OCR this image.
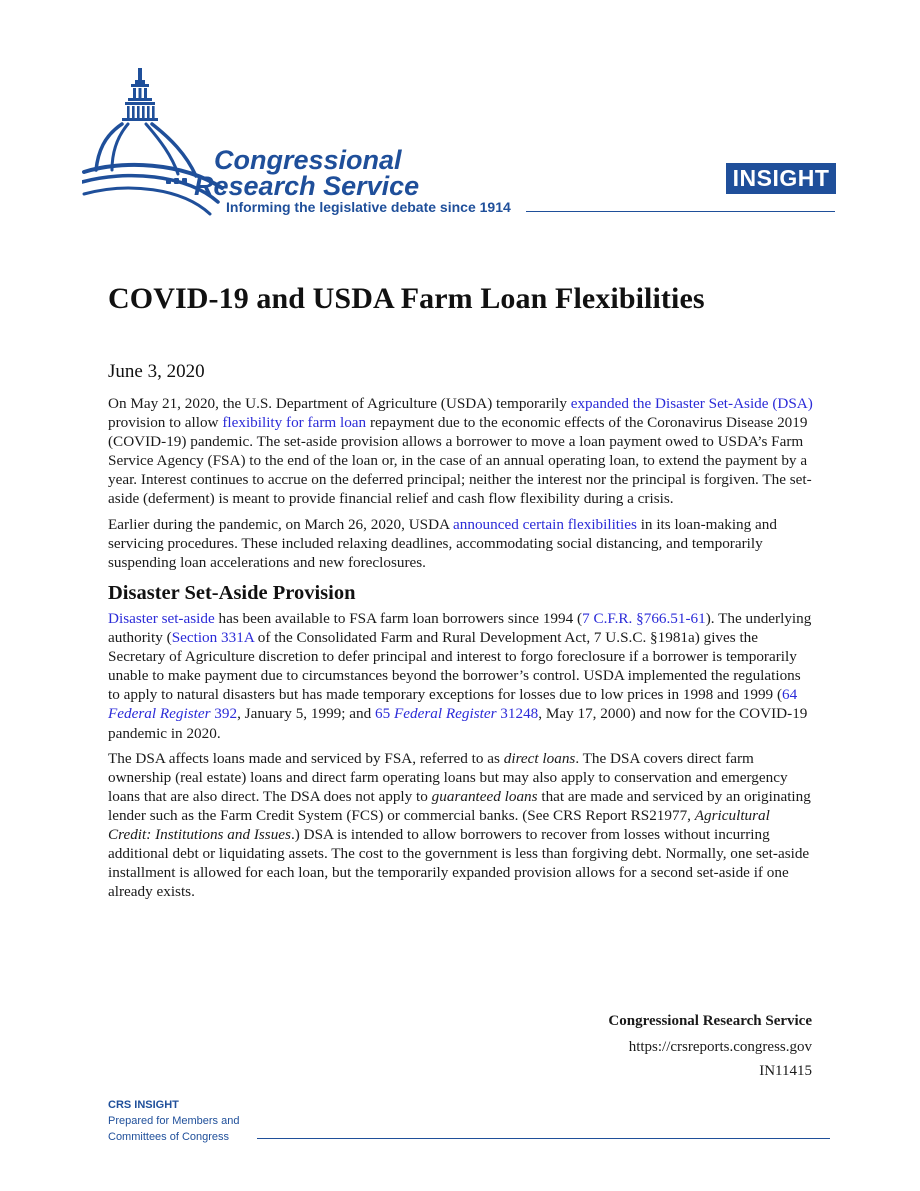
Congressional
Research Service
Informing the legislative debate since 1914
INSIGHT
COVID-19 and USDA Farm Loan Flexibilities
June 3, 2020

On May 21, 2020, the U.S. Department of Agriculture (USDA) temporarily expanded the Disaster Set-Aside (DSA) provision to allow flexibility for farm loan repayment due to the economic effects of the Coronavirus Disease 2019 (COVID-19) pandemic. The set-aside provision allows a borrower to move a loan payment owed to USDA’s Farm Service Agency (FSA) to the end of the loan or, in the case of an annual operating loan, to extend the payment by a year. Interest continues to accrue on the deferred principal; neither the interest nor the principal is forgiven. The set-aside (deferment) is meant to provide financial relief and cash flow flexibility during a crisis.

Earlier during the pandemic, on March 26, 2020, USDA announced certain flexibilities in its loan-making and servicing procedures. These included relaxing deadlines, accommodating social distancing, and temporarily suspending loan accelerations and new foreclosures.

Disaster Set-Aside Provision

Disaster set-aside has been available to FSA farm loan borrowers since 1994 (7 C.F.R. §766.51-61). The underlying authority (Section 331A of the Consolidated Farm and Rural Development Act, 7 U.S.C. §1981a) gives the Secretary of Agriculture discretion to defer principal and interest to forgo foreclosure if a borrower is temporarily unable to make payment due to circumstances beyond the borrower’s control. USDA implemented the regulations to apply to natural disasters but has made temporary exceptions for losses due to low prices in 1998 and 1999 (64 Federal Register 392, January 5, 1999; and 65 Federal Register 31248, May 17, 2000) and now for the COVID-19 pandemic in 2020.

The DSA affects loans made and serviced by FSA, referred to as direct loans. The DSA covers direct farm ownership (real estate) loans and direct farm operating loans but may also apply to conservation and emergency loans that are also direct. The DSA does not apply to guaranteed loans that are made and serviced by an originating lender such as the Farm Credit System (FCS) or commercial banks. (See CRS Report RS21977, Agricultural Credit: Institutions and Issues.) DSA is intended to allow borrowers to recover from losses without incurring additional debt or liquidating assets. The cost to the government is less than forgiving debt. Normally, one set-aside installment is allowed for each loan, but the temporarily expanded provision allows for a second set-aside if one already exists.

Congressional Research Service
https://crsreports.congress.gov
IN11415
CRS INSIGHT
Prepared for Members and
Committees of Congress
